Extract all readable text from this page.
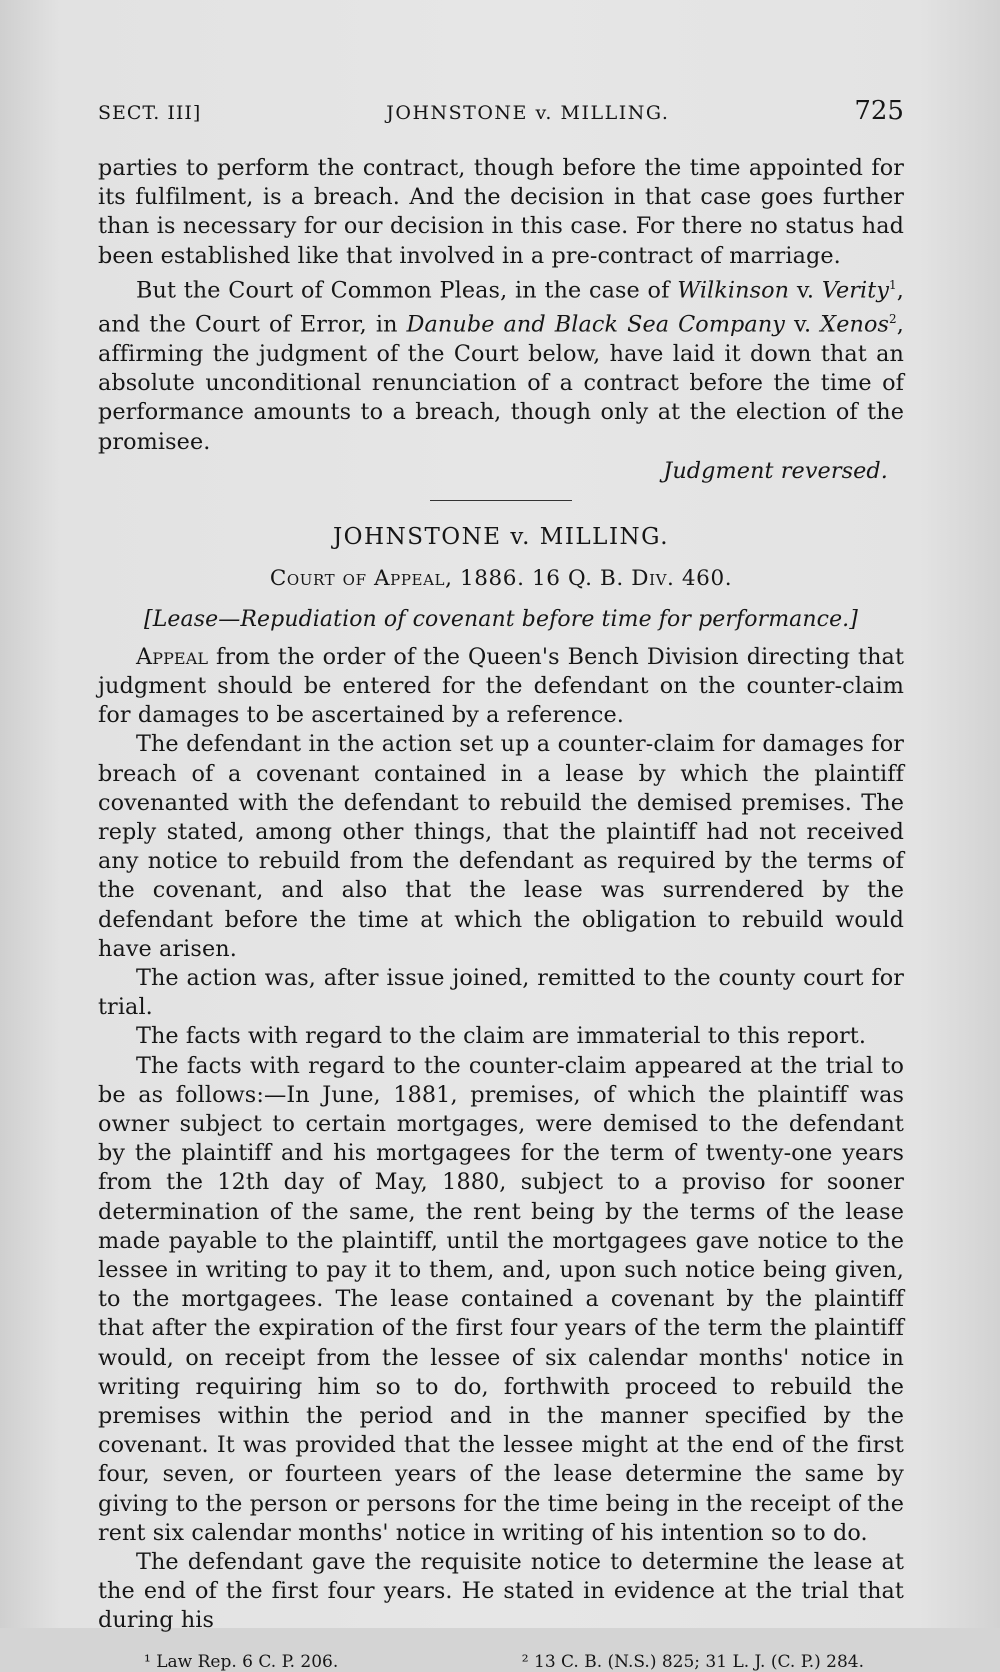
SECT. III]	JOHNSTONE v. MILLING.	725

parties to perform the contract, though before the time appointed for its fulfilment, is a breach. And the decision in that case goes further than is necessary for our decision in this case. For there no status had been established like that involved in a pre-contract of marriage.

But the Court of Common Pleas, in the case of Wilkinson v. Verity$^1$, and the Court of Error, in Danube and Black Sea Company v. Xenos$^2$, affirming the judgment of the Court below, have laid it down that an absolute unconditional renunciation of a contract before the time of performance amounts to a breach, though only at the election of the promisee.

Judgment reversed.

JOHNSTONE v. MILLING.
Court of Appeal, 1886. 16 Q. B. Div. 460.
[Lease—Repudiation of covenant before time for performance.]

Appeal from the order of the Queen's Bench Division directing that judgment should be entered for the defendant on the counter-claim for damages to be ascertained by a reference.

The defendant in the action set up a counter-claim for damages for breach of a covenant contained in a lease by which the plaintiff covenanted with the defendant to rebuild the demised premises. The reply stated, among other things, that the plaintiff had not received any notice to rebuild from the defendant as required by the terms of the covenant, and also that the lease was surrendered by the defendant before the time at which the obligation to rebuild would have arisen.

The action was, after issue joined, remitted to the county court for trial.

The facts with regard to the claim are immaterial to this report.

The facts with regard to the counter-claim appeared at the trial to be as follows:—In June, 1881, premises, of which the plaintiff was owner subject to certain mortgages, were demised to the defendant by the plaintiff and his mortgagees for the term of twenty-one years from the 12th day of May, 1880, subject to a proviso for sooner determination of the same, the rent being by the terms of the lease made payable to the plaintiff, until the mortgagees gave notice to the lessee in writing to pay it to them, and, upon such notice being given, to the mortgagees. The lease contained a covenant by the plaintiff that after the expiration of the first four years of the term the plaintiff would, on receipt from the lessee of six calendar months' notice in writing requiring him so to do, forthwith proceed to rebuild the premises within the period and in the manner specified by the covenant. It was provided that the lessee might at the end of the first four, seven, or fourteen years of the lease determine the same by giving to the person or persons for the time being in the receipt of the rent six calendar months' notice in writing of his intention so to do.

The defendant gave the requisite notice to determine the lease at the end of the first four years. He stated in evidence at the trial that during his

¹ Law Rep. 6 C. P. 206.	² 13 C. B. (N.S.) 825; 31 L. J. (C. P.) 284.
